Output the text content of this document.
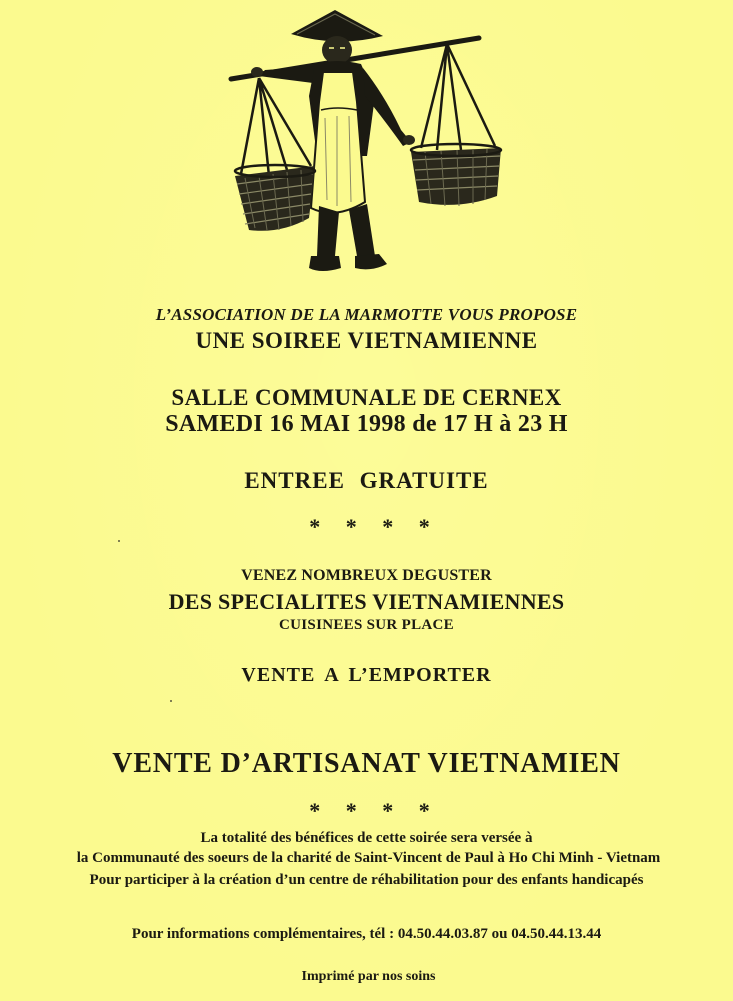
L’ASSOCIATION DE LA MARMOTTE VOUS PROPOSE
UNE SOIREE VIETNAMIENNE
SALLE COMMUNALE DE CERNEX
SAMEDI 16 MAI 1998 de 17 H à 23 H
ENTREE GRATUITE
* * * *
VENEZ NOMBREUX DEGUSTER
DES SPECIALITES VIETNAMIENNES
CUISINEES SUR PLACE
VENTE A L’EMPORTER
VENTE D’ARTISANAT VIETNAMIEN
* * * *
La totalité des bénéfices de cette soirée sera versée à
la Communauté des soeurs de la charité de Saint-Vincent de Paul à Ho Chi Minh - Vietnam
Pour participer à la création d’un centre de réhabilitation pour des enfants handicapés
Pour informations complémentaires, tél : 04.50.44.03.87 ou 04.50.44.13.44
Imprimé par nos soins
